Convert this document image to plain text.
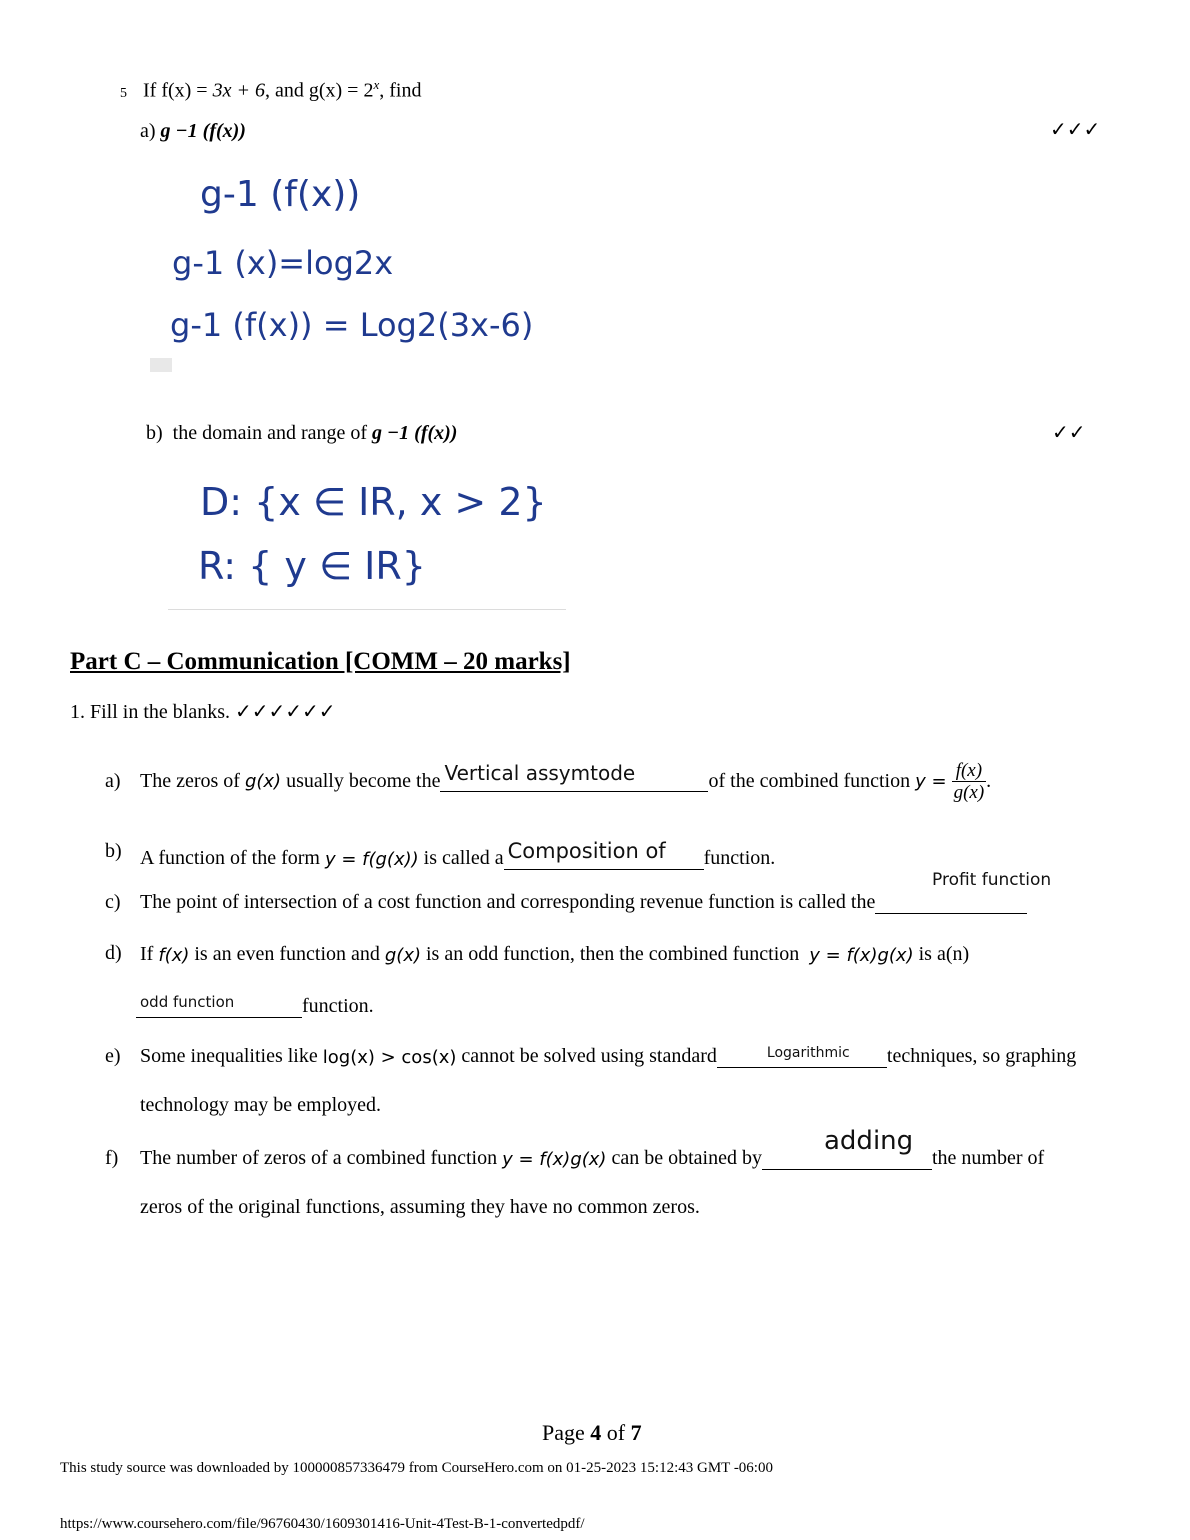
5 If f(x) = 3x + 6, and $g(x) = 2^x$, find
a) g −1 (f(x))	✓✓✓
g-1 (f(x))
g-1 (x)=log2x
g-1 (f(x)) = Log2(3x-6)
b) the domain and range of g −1 (f(x))	✓✓
D: {x ∈ IR, x > 2}
R: { y ∈ IR}
Part C – Communication [COMM – 20 marks]
1. Fill in the blanks. ✓✓✓✓✓✓
a) The zeros of
g(x)
usually become the Vertical assymtode	of the combined function
y =
$\frac{f(x)}{g(x)}$ .
b) A function of the form
y = f(g(x))
is called a Composition of function.
c) The point of intersection of a cost function and corresponding revenue function is called the
Profit function
d) If
f(x)
is an even function and
g(x)
is an odd function, then the combined function
y = f(x)g(x)
is a(n)
odd function	function.
e) Some inequalities like
log(x) > cos(x)
cannot be solved using standard	Logarithmic techniques, so graphing
technology may be employed.
f) The number of zeros of a combined function
y = f(x)g(x)
can be obtained by	the number of
adding
zeros of the original functions, assuming they have no common zeros.
Page 4 of 7
This study source was downloaded by 100000857336479 from CourseHero.com on 01-25-2023 15:12:43 GMT -06:00
https://www.coursehero.com/file/96760430/1609301416-Unit-4Test-B-1-convertedpdf/
